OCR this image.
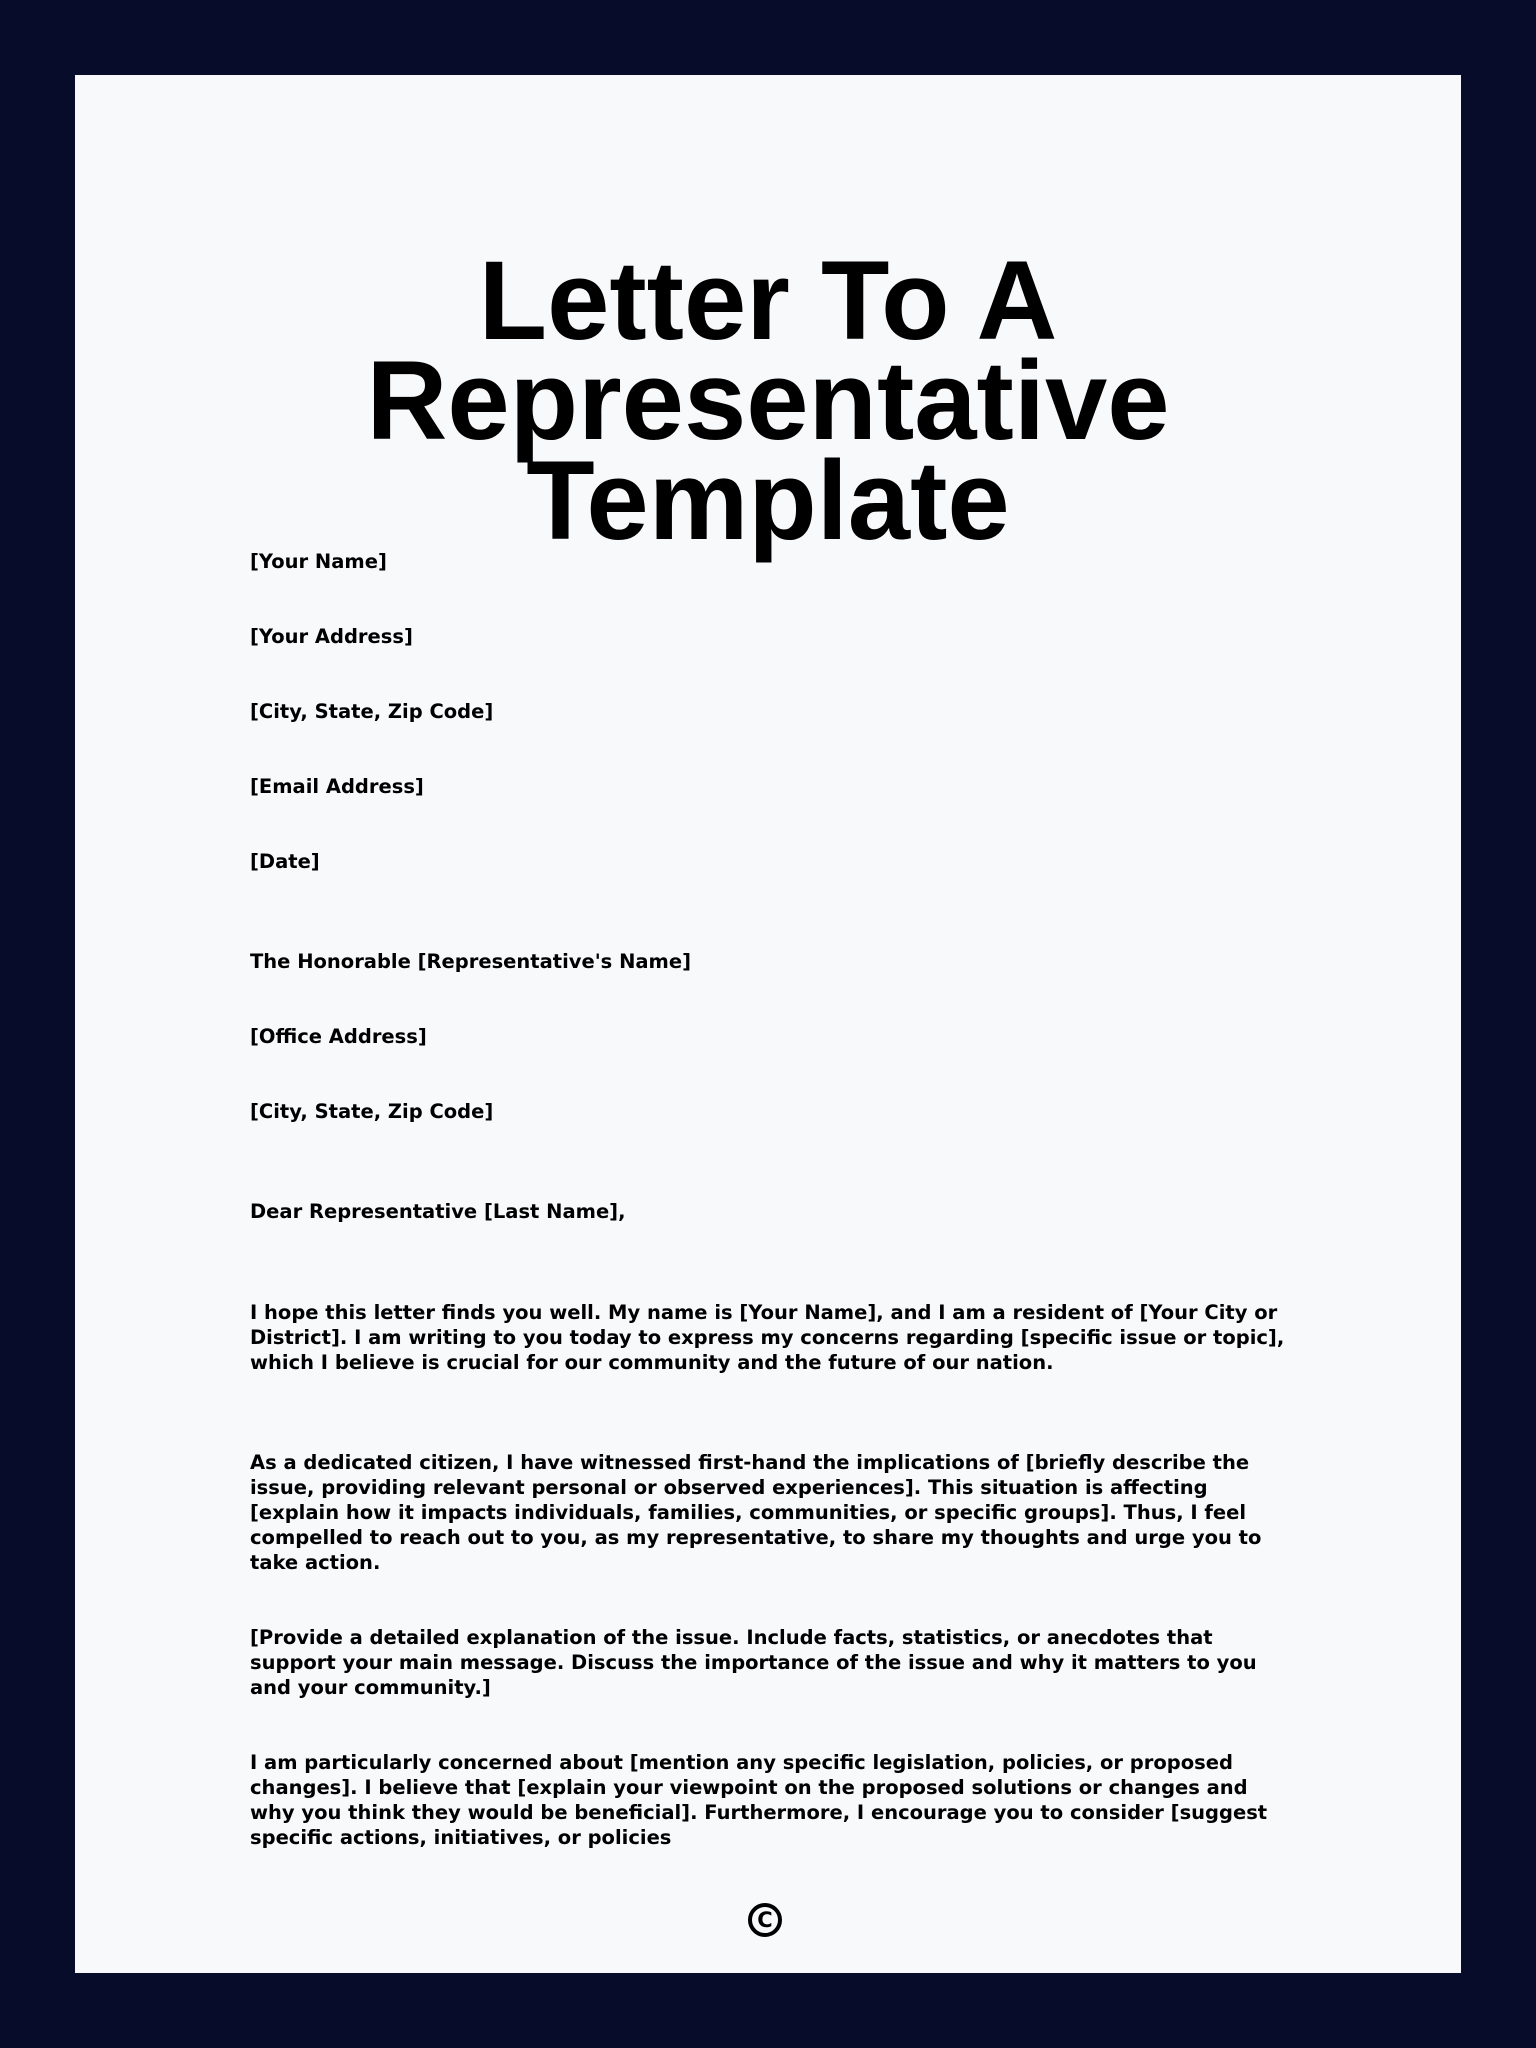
Letter To A Representative
Template

[Your Name]

[Your Address]

[City, State, Zip Code]

[Email Address]

[Date]

The Honorable [Representative's Name]

[Office Address]

[City, State, Zip Code]

Dear Representative [Last Name],

I hope this letter finds you well. My name is [Your Name], and I am a resident of [Your City or District]. I am writing to you today to express my concerns regarding [specific issue or topic], which I believe is crucial for our community and the future of our nation.

As a dedicated citizen, I have witnessed first-hand the implications of [briefly describe the issue, providing relevant personal or observed experiences]. This situation is affecting [explain how it impacts individuals, families, communities, or specific groups]. Thus, I feel compelled to reach out to you, as my representative, to share my thoughts and urge you to take action.

[Provide a detailed explanation of the issue. Include facts, statistics, or anecdotes that support your main message. Discuss the importance of the issue and why it matters to you and your community.]

I am particularly concerned about [mention any specific legislation, policies, or proposed changes]. I believe that [explain your viewpoint on the proposed solutions or changes and why you think they would be beneficial]. Furthermore, I encourage you to consider [suggest specific actions, initiatives, or policies

C
